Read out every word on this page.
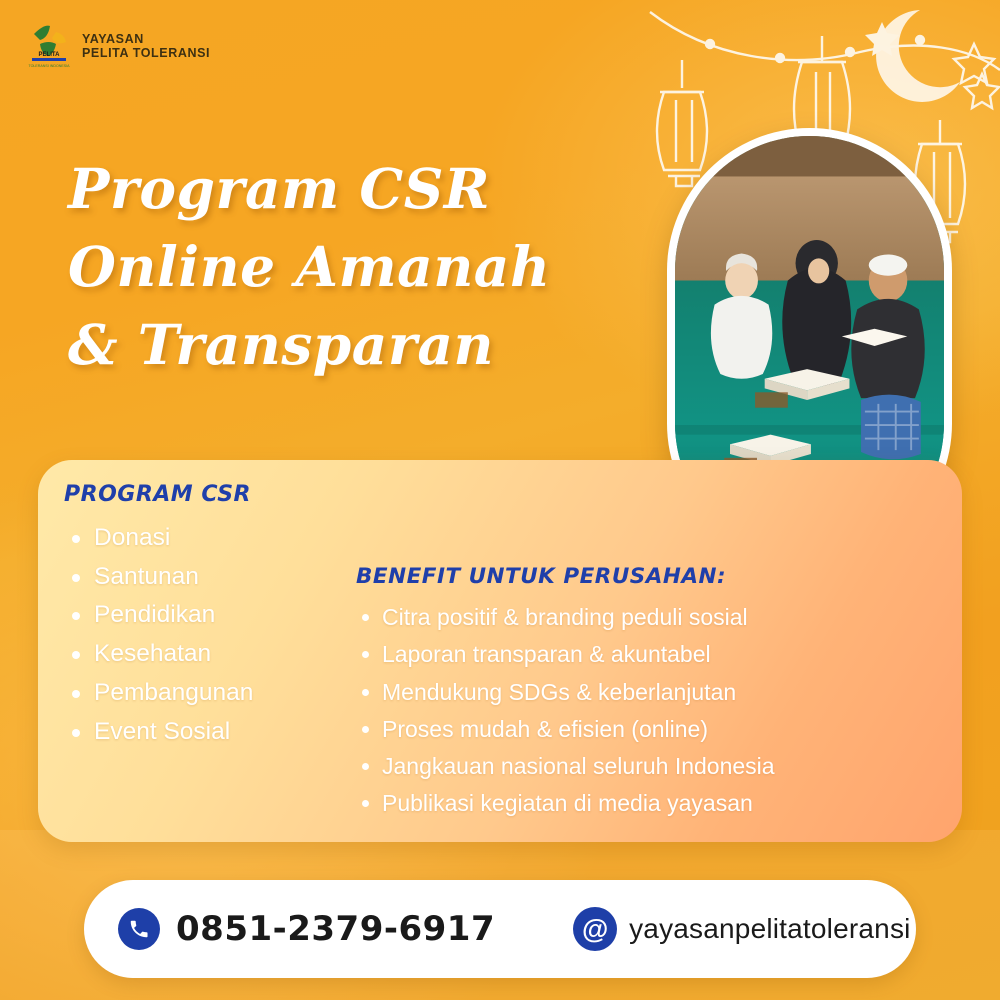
PELITA
TOLERANSI INDONESIA
YAYASAN
PELITA TOLERANSI
Program CSR
Online Amanah
& Transparan
PROGRAM CSR
Donasi
Santunan
Pendidikan
Kesehatan
Pembangunan
Event Sosial
BENEFIT UNTUK PERUSAHAN:
Citra positif & branding peduli sosial
Laporan transparan & akuntabel
Mendukung SDGs & keberlanjutan
Proses mudah & efisien (online)
Jangkauan nasional seluruh Indonesia
Publikasi kegiatan di media yayasan
0851-2379-6917	@ yayasanpelitatoleransi
